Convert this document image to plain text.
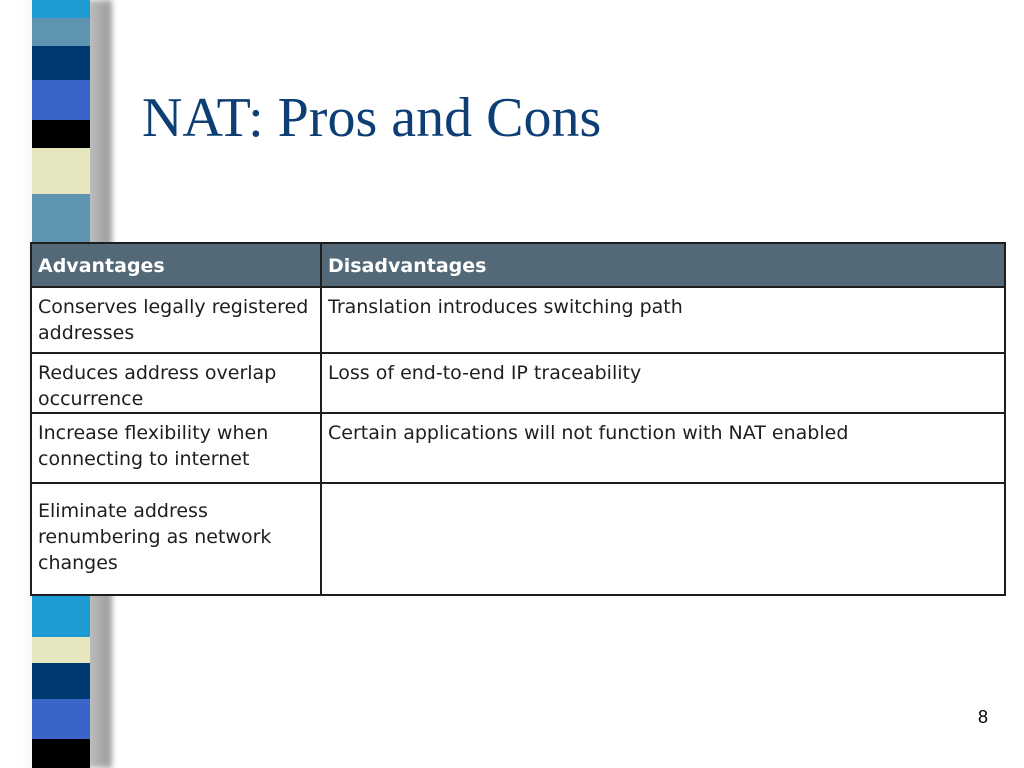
NAT: Pros and Cons
Advantages	Disadvantages

Conserves legally registered addresses	Translation introduces switching path

Reduces address overlap occurrence	Loss of end-to-end IP traceability

Increase flexibility when connecting to internet	Certain applications will not function with NAT enabled

Eliminate address renumbering as network changes	

8
